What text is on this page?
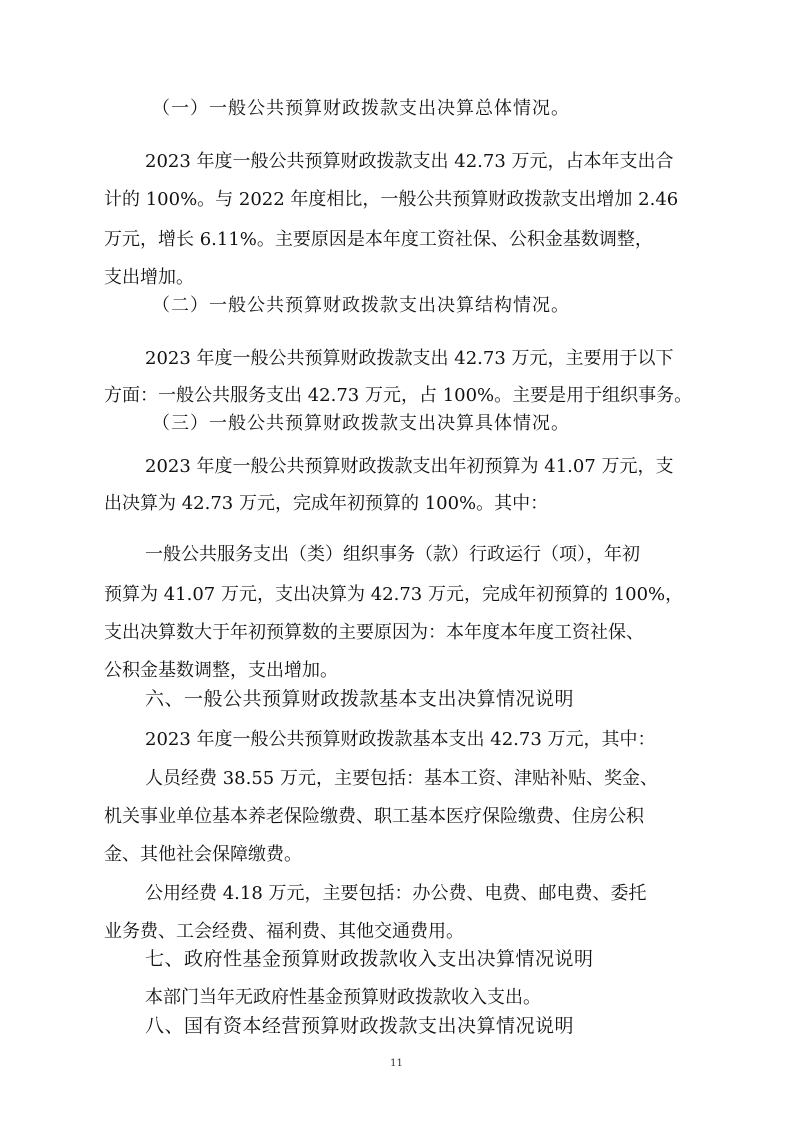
（一）一般公共预算财政拨款支出决算总体情况。
2023 年度一般公共预算财政拨款支出 42.73 万元，占本年支出合
计的 100%。与 2022 年度相比，一般公共预算财政拨款支出增加 2.46
万元，增长 6.11%。主要原因是本年度工资社保、公积金基数调整，
支出增加。
（二）一般公共预算财政拨款支出决算结构情况。
2023 年度一般公共预算财政拨款支出 42.73 万元，主要用于以下
方面：一般公共服务支出 42.73 万元，占 100%。主要是用于组织事务。
（三）一般公共预算财政拨款支出决算具体情况。
2023 年度一般公共预算财政拨款支出年初预算为 41.07 万元，支
出决算为 42.73 万元，完成年初预算的 100%。其中：
一般公共服务支出（类）组织事务（款）行政运行（项），年初
预算为 41.07 万元，支出决算为 42.73 万元，完成年初预算的 100%，
支出决算数大于年初预算数的主要原因为：本年度本年度工资社保、
公积金基数调整，支出增加。
六、一般公共预算财政拨款基本支出决算情况说明
2023 年度一般公共预算财政拨款基本支出 42.73 万元，其中：
人员经费 38.55 万元，主要包括：基本工资、津贴补贴、奖金、
机关事业单位基本养老保险缴费、职工基本医疗保险缴费、住房公积
金、其他社会保障缴费。
公用经费 4.18 万元，主要包括：办公费、电费、邮电费、委托
业务费、工会经费、福利费、其他交通费用。
七、政府性基金预算财政拨款收入支出决算情况说明
本部门当年无政府性基金预算财政拨款收入支出。
八、国有资本经营预算财政拨款支出决算情况说明
11
